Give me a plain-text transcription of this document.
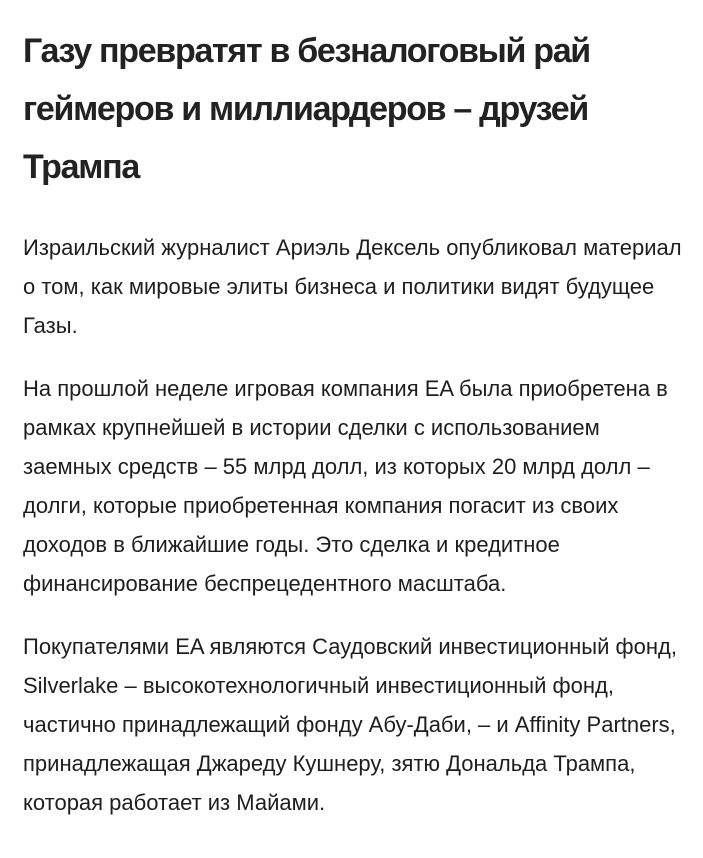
Газу превратят в безналоговый рай геймеров и миллиардеров – друзей Трампа

Израильский журналист Ариэль Дексель опубликовал материал о том, как мировые элиты бизнеса и политики видят будущее Газы.

На прошлой неделе игровая компания EA была приобретена в рамках крупнейшей в истории сделки с использованием заемных средств – 55 млрд долл, из которых 20 млрд долл – долги, которые приобретенная компания погасит из своих доходов в ближайшие годы. Это сделка и кредитное финансирование беспрецедентного масштаба.

Покупателями EA являются Саудовский инвестиционный фонд, Silverlake – высокотехнологичный инвестиционный фонд, частично принадлежащий фонду Абу-Даби, – и Affinity Partners, принадлежащая Джареду Кушнеру, зятю Дональда Трампа, которая работает из Майами.
